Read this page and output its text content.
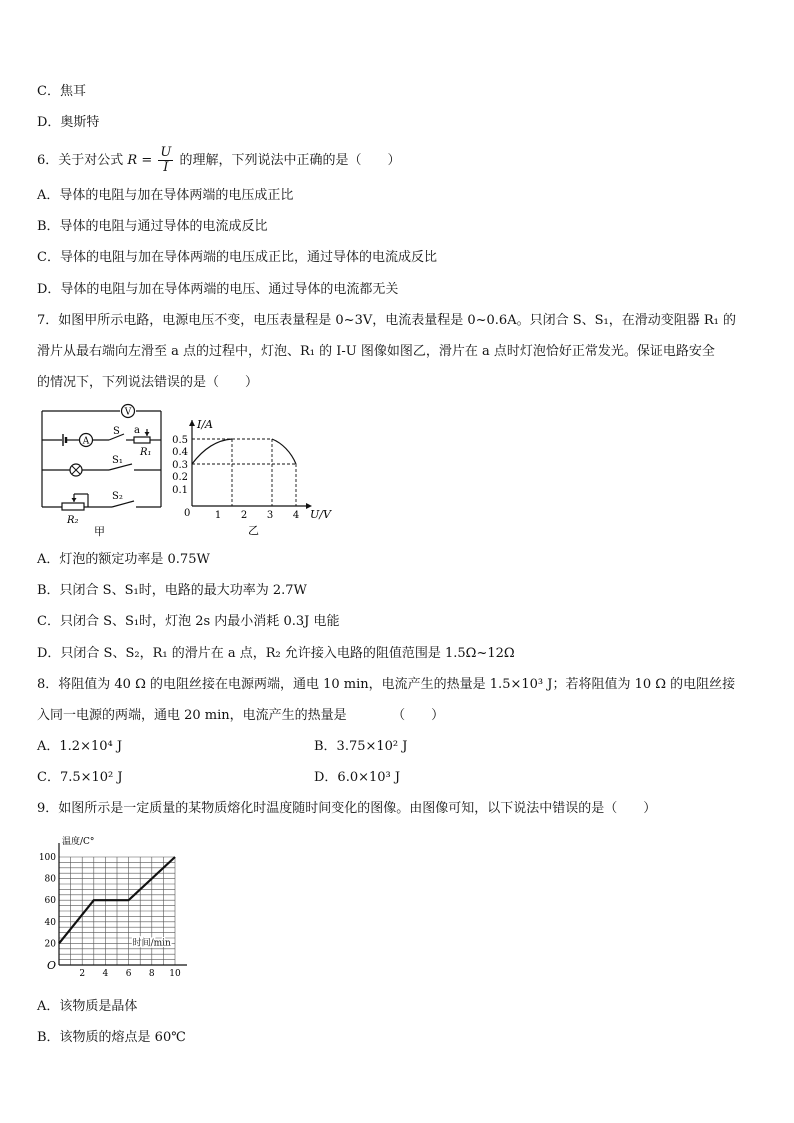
C．焦耳
D．奥斯特
6．关于对公式 $R = \frac{U}{I}$ 的理解，下列说法中正确的是（　　）
A．导体的电阻与加在导体两端的电压成正比
B．导体的电阻与通过导体的电流成反比
C．导体的电阻与加在导体两端的电压成正比，通过导体的电流成反比
D．导体的电阻与加在导体两端的电压、通过导体的电流都无关
7．如图甲所示电路，电源电压不变，电压表量程是 0~3V，电流表量程是 0~0.6A。只闭合 S、S₁，在滑动变阻器 R₁ 的
滑片从最右端向左滑至 a 点的过程中，灯泡、R₁ 的 I-U 图像如图乙，滑片在 a 点时灯泡恰好正常发光。保证电路安全
的情况下，下列说法错误的是（　　）
V
A
S a
R₁
S₁
S₂
R₂
甲
I/A
U/V
0
0.5
0.4
0.3
0.2
0.1
1 2 3 4
乙
A．灯泡的额定功率是 0.75W
B．只闭合 S、S₁时，电路的最大功率为 2.7W
C．只闭合 S、S₁时，灯泡 2s 内最小消耗 0.3J 电能
D．只闭合 S、S₂，R₁ 的滑片在 a 点，R₂ 允许接入电路的阻值范围是 1.5Ω~12Ω
8．将阻值为 40 Ω 的电阻丝接在电源两端，通电 10 min，电流产生的热量是 1.5×10³ J；若将阻值为 10 Ω 的电阻丝接
入同一电源的两端，通电 20 min，电流产生的热量是　　　　（　　）
A．1.2×10⁴ J	B．3.75×10² J
C．7.5×10² J	D．6.0×10³ J
9．如图所示是一定质量的某物质熔化时温度随时间变化的图像。由图像可知，以下说法中错误的是（　　）
20
40
60
80
100
2 4 6 8 10
O
温度/C°
时间/min
A．该物质是晶体
B．该物质的熔点是 60℃
